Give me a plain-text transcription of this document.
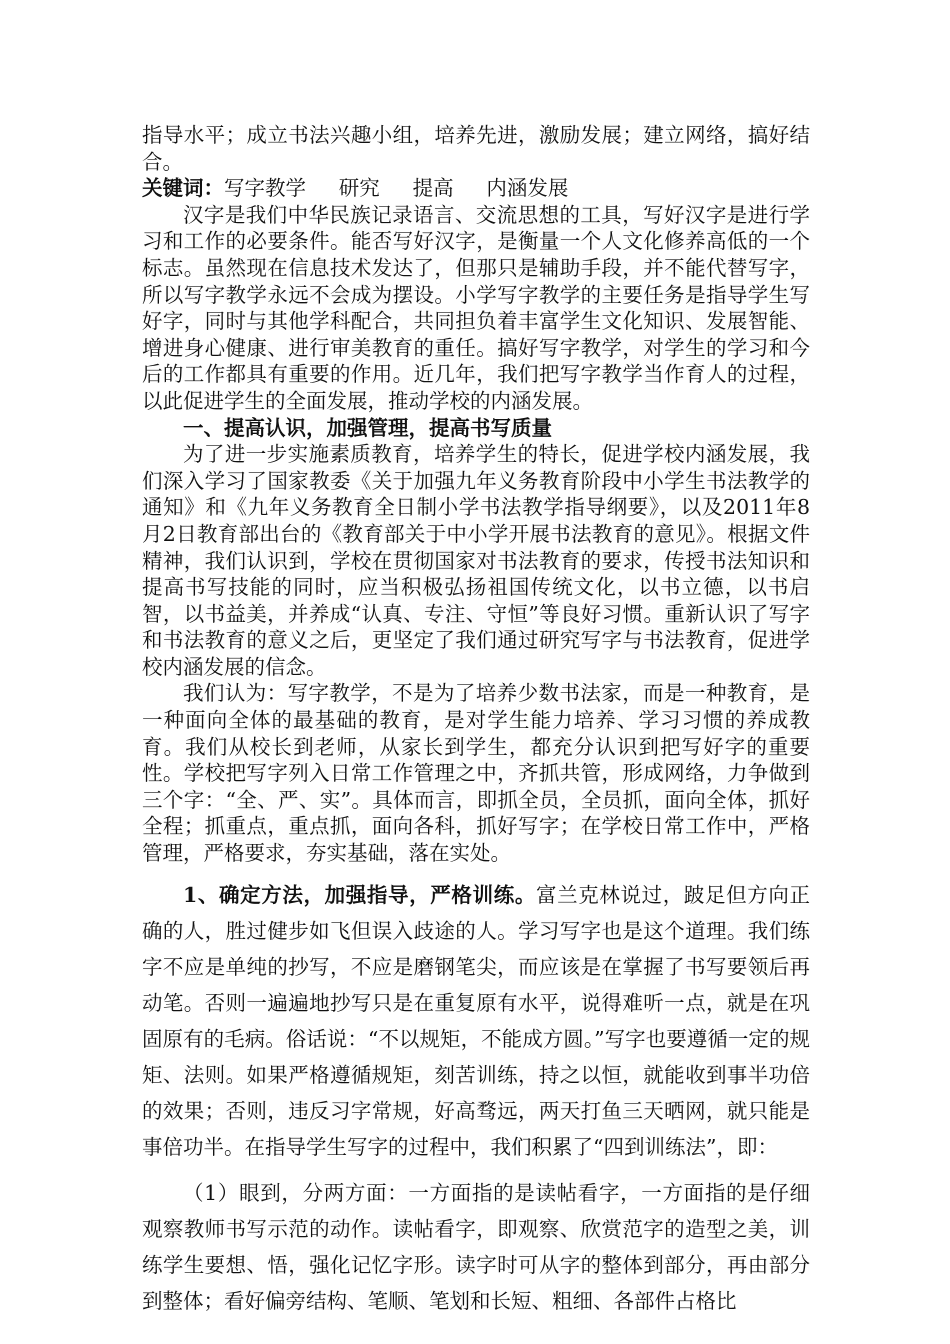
指导水平；成立书法兴趣小组，培养先进，激励发展；建立网络，搞好结合。

关键词：写字教学 研究 提高 内涵发展

汉字是我们中华民族记录语言、交流思想的工具，写好汉字是进行学习和工作的必要条件。能否写好汉字，是衡量一个人文化修养高低的一个标志。虽然现在信息技术发达了，但那只是辅助手段，并不能代替写字，所以写字教学永远不会成为摆设。小学写字教学的主要任务是指导学生写好字，同时与其他学科配合，共同担负着丰富学生文化知识、发展智能、增进身心健康、进行审美教育的重任。搞好写字教学，对学生的学习和今后的工作都具有重要的作用。近几年，我们把写字教学当作育人的过程，以此促进学生的全面发展，推动学校的内涵发展。

一、提高认识，加强管理，提高书写质量

为了进一步实施素质教育，培养学生的特长，促进学校内涵发展，我们深入学习了国家教委《关于加强九年义务教育阶段中小学生书法教学的通知》和《九年义务教育全日制小学书法教学指导纲要》，以及2011年8月2日教育部出台的《教育部关于中小学开展书法教育的意见》。根据文件精神，我们认识到，学校在贯彻国家对书法教育的要求，传授书法知识和提高书写技能的同时，应当积极弘扬祖国传统文化，以书立德，以书启智，以书益美，并养成“认真、专注、守恒”等良好习惯。重新认识了写字和书法教育的意义之后，更坚定了我们通过研究写字与书法教育，促进学校内涵发展的信念。

我们认为：写字教学，不是为了培养少数书法家，而是一种教育，是一种面向全体的最基础的教育，是对学生能力培养、学习习惯的养成教育。我们从校长到老师，从家长到学生，都充分认识到把写好字的重要性。学校把写字列入日常工作管理之中，齐抓共管，形成网络，力争做到三个字：“全、严、实”。具体而言，即抓全员，全员抓，面向全体，抓好全程；抓重点，重点抓，面向各科，抓好写字；在学校日常工作中，严格管理，严格要求，夯实基础，落在实处。

1、确定方法，加强指导，严格训练。富兰克林说过，跛足但方向正确的人，胜过健步如飞但误入歧途的人。学习写字也是这个道理。我们练字不应是单纯的抄写，不应是磨钢笔尖，而应该是在掌握了书写要领后再动笔。否则一遍遍地抄写只是在重复原有水平，说得难听一点，就是在巩固原有的毛病。俗话说：“不以规矩，不能成方圆。”写字也要遵循一定的规矩、法则。如果严格遵循规矩，刻苦训练，持之以恒，就能收到事半功倍的效果；否则，违反习字常规，好高骛远，两天打鱼三天晒网，就只能是事倍功半。在指导学生写字的过程中，我们积累了“四到训练法”，即：

（1）眼到，分两方面：一方面指的是读帖看字，一方面指的是仔细观察教师书写示范的动作。读帖看字，即观察、欣赏范字的造型之美，训练学生要想、悟，强化记忆字形。读字时可从字的整体到部分，再由部分到整体；看好偏旁结构、笔顺、笔划和长短、粗细、各部件占格比
